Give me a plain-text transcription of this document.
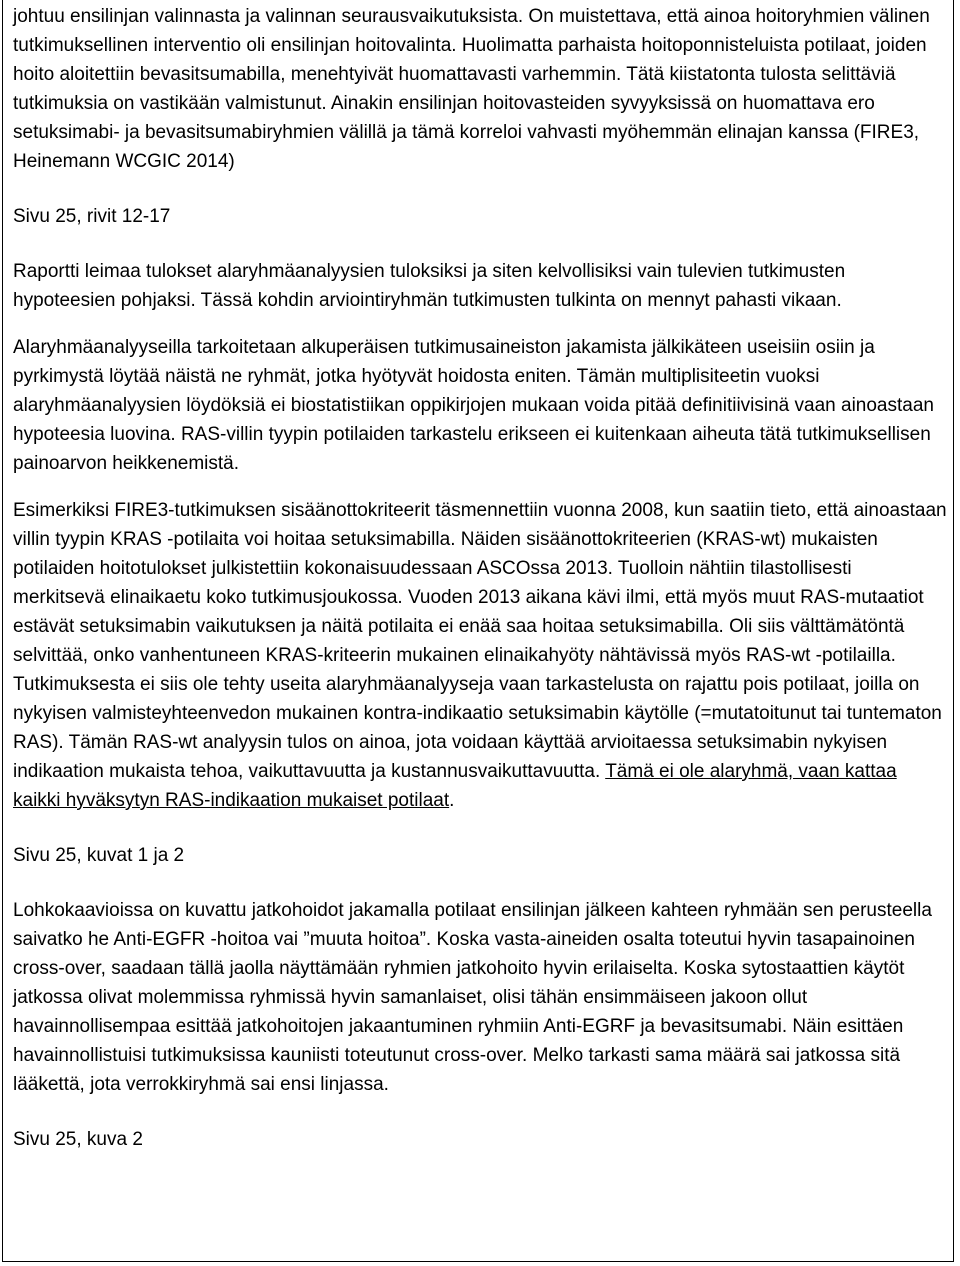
johtuu ensilinjan valinnasta ja valinnan seurausvaikutuksista. On muistettava, että ainoa hoitoryhmien välinen tutkimuksellinen interventio oli ensilinjan hoitovalinta. Huolimatta parhaista hoitoponnisteluista potilaat, joiden hoito aloitettiin bevasitsumabilla, menehtyivät huomattavasti varhemmin. Tätä kiistatonta tulosta selittäviä tutkimuksia on vastikään valmistunut. Ainakin ensilinjan hoitovasteiden syvyyksissä on huomattava ero setuksimabi- ja bevasitsumabiryhmien välillä ja tämä korreloi vahvasti myöhemmän elinajan kanssa (FIRE3, Heinemann WCGIC 2014)

Sivu 25, rivit 12-17

Raportti leimaa tulokset alaryhmäanalyysien tuloksiksi ja siten kelvollisiksi vain tulevien tutkimusten hypoteesien pohjaksi. Tässä kohdin arviointiryhmän tutkimusten tulkinta on mennyt pahasti vikaan.

Alaryhmäanalyyseilla tarkoitetaan alkuperäisen tutkimusaineiston jakamista jälkikäteen useisiin osiin ja pyrkimystä löytää näistä ne ryhmät, jotka hyötyvät hoidosta eniten. Tämän multiplisiteetin vuoksi alaryhmäanalyysien löydöksiä ei biostatistiikan oppikirjojen mukaan voida pitää definitiivisinä vaan ainoastaan hypoteesia luovina. RAS-villin tyypin potilaiden tarkastelu erikseen ei kuitenkaan aiheuta tätä tutkimuksellisen painoarvon heikkenemistä.

Esimerkiksi FIRE3-tutkimuksen sisäänottokriteerit täsmennettiin vuonna 2008, kun saatiin tieto, että ainoastaan villin tyypin KRAS -potilaita voi hoitaa setuksimabilla. Näiden sisäänottokriteerien (KRAS-wt) mukaisten potilaiden hoitotulokset julkistettiin kokonaisuudessaan ASCOssa 2013. Tuolloin nähtiin tilastollisesti merkitsevä elinaikaetu koko tutkimusjoukossa. Vuoden 2013 aikana kävi ilmi, että myös muut RAS-mutaatiot estävät setuksimabin vaikutuksen ja näitä potilaita ei enää saa hoitaa setuksimabilla. Oli siis välttämätöntä selvittää, onko vanhentuneen KRAS-kriteerin mukainen elinaikahyöty nähtävissä myös RAS-wt -potilailla. Tutkimuksesta ei siis ole tehty useita alaryhmäanalyyseja vaan tarkastelusta on rajattu pois potilaat, joilla on nykyisen valmisteyhteenvedon mukainen kontra-indikaatio setuksimabin käytölle (=mutatoitunut tai tuntematon RAS). Tämän RAS-wt analyysin tulos on ainoa, jota voidaan käyttää arvioitaessa setuksimabin nykyisen indikaation mukaista tehoa, vaikuttavuutta ja kustannusvaikuttavuutta. Tämä ei ole alaryhmä, vaan kattaa kaikki hyväksytyn RAS-indikaation mukaiset potilaat.

Sivu 25, kuvat 1 ja 2

Lohkokaavioissa on kuvattu jatkohoidot jakamalla potilaat ensilinjan jälkeen kahteen ryhmään sen perusteella saivatko he Anti-EGFR -hoitoa vai ”muuta hoitoa”. Koska vasta-aineiden osalta toteutui hyvin tasapainoinen cross-over, saadaan tällä jaolla näyttämään ryhmien jatkohoito hyvin erilaiselta. Koska sytostaattien käytöt jatkossa olivat molemmissa ryhmissä hyvin samanlaiset, olisi tähän ensimmäiseen jakoon ollut havainnollisempaa esittää jatkohoitojen jakaantuminen ryhmiin Anti-EGRF ja bevasitsumabi. Näin esittäen havainnollistuisi tutkimuksissa kauniisti toteutunut cross-over. Melko tarkasti sama määrä sai jatkossa sitä lääkettä, jota verrokkiryhmä sai ensi linjassa.

Sivu 25, kuva 2
